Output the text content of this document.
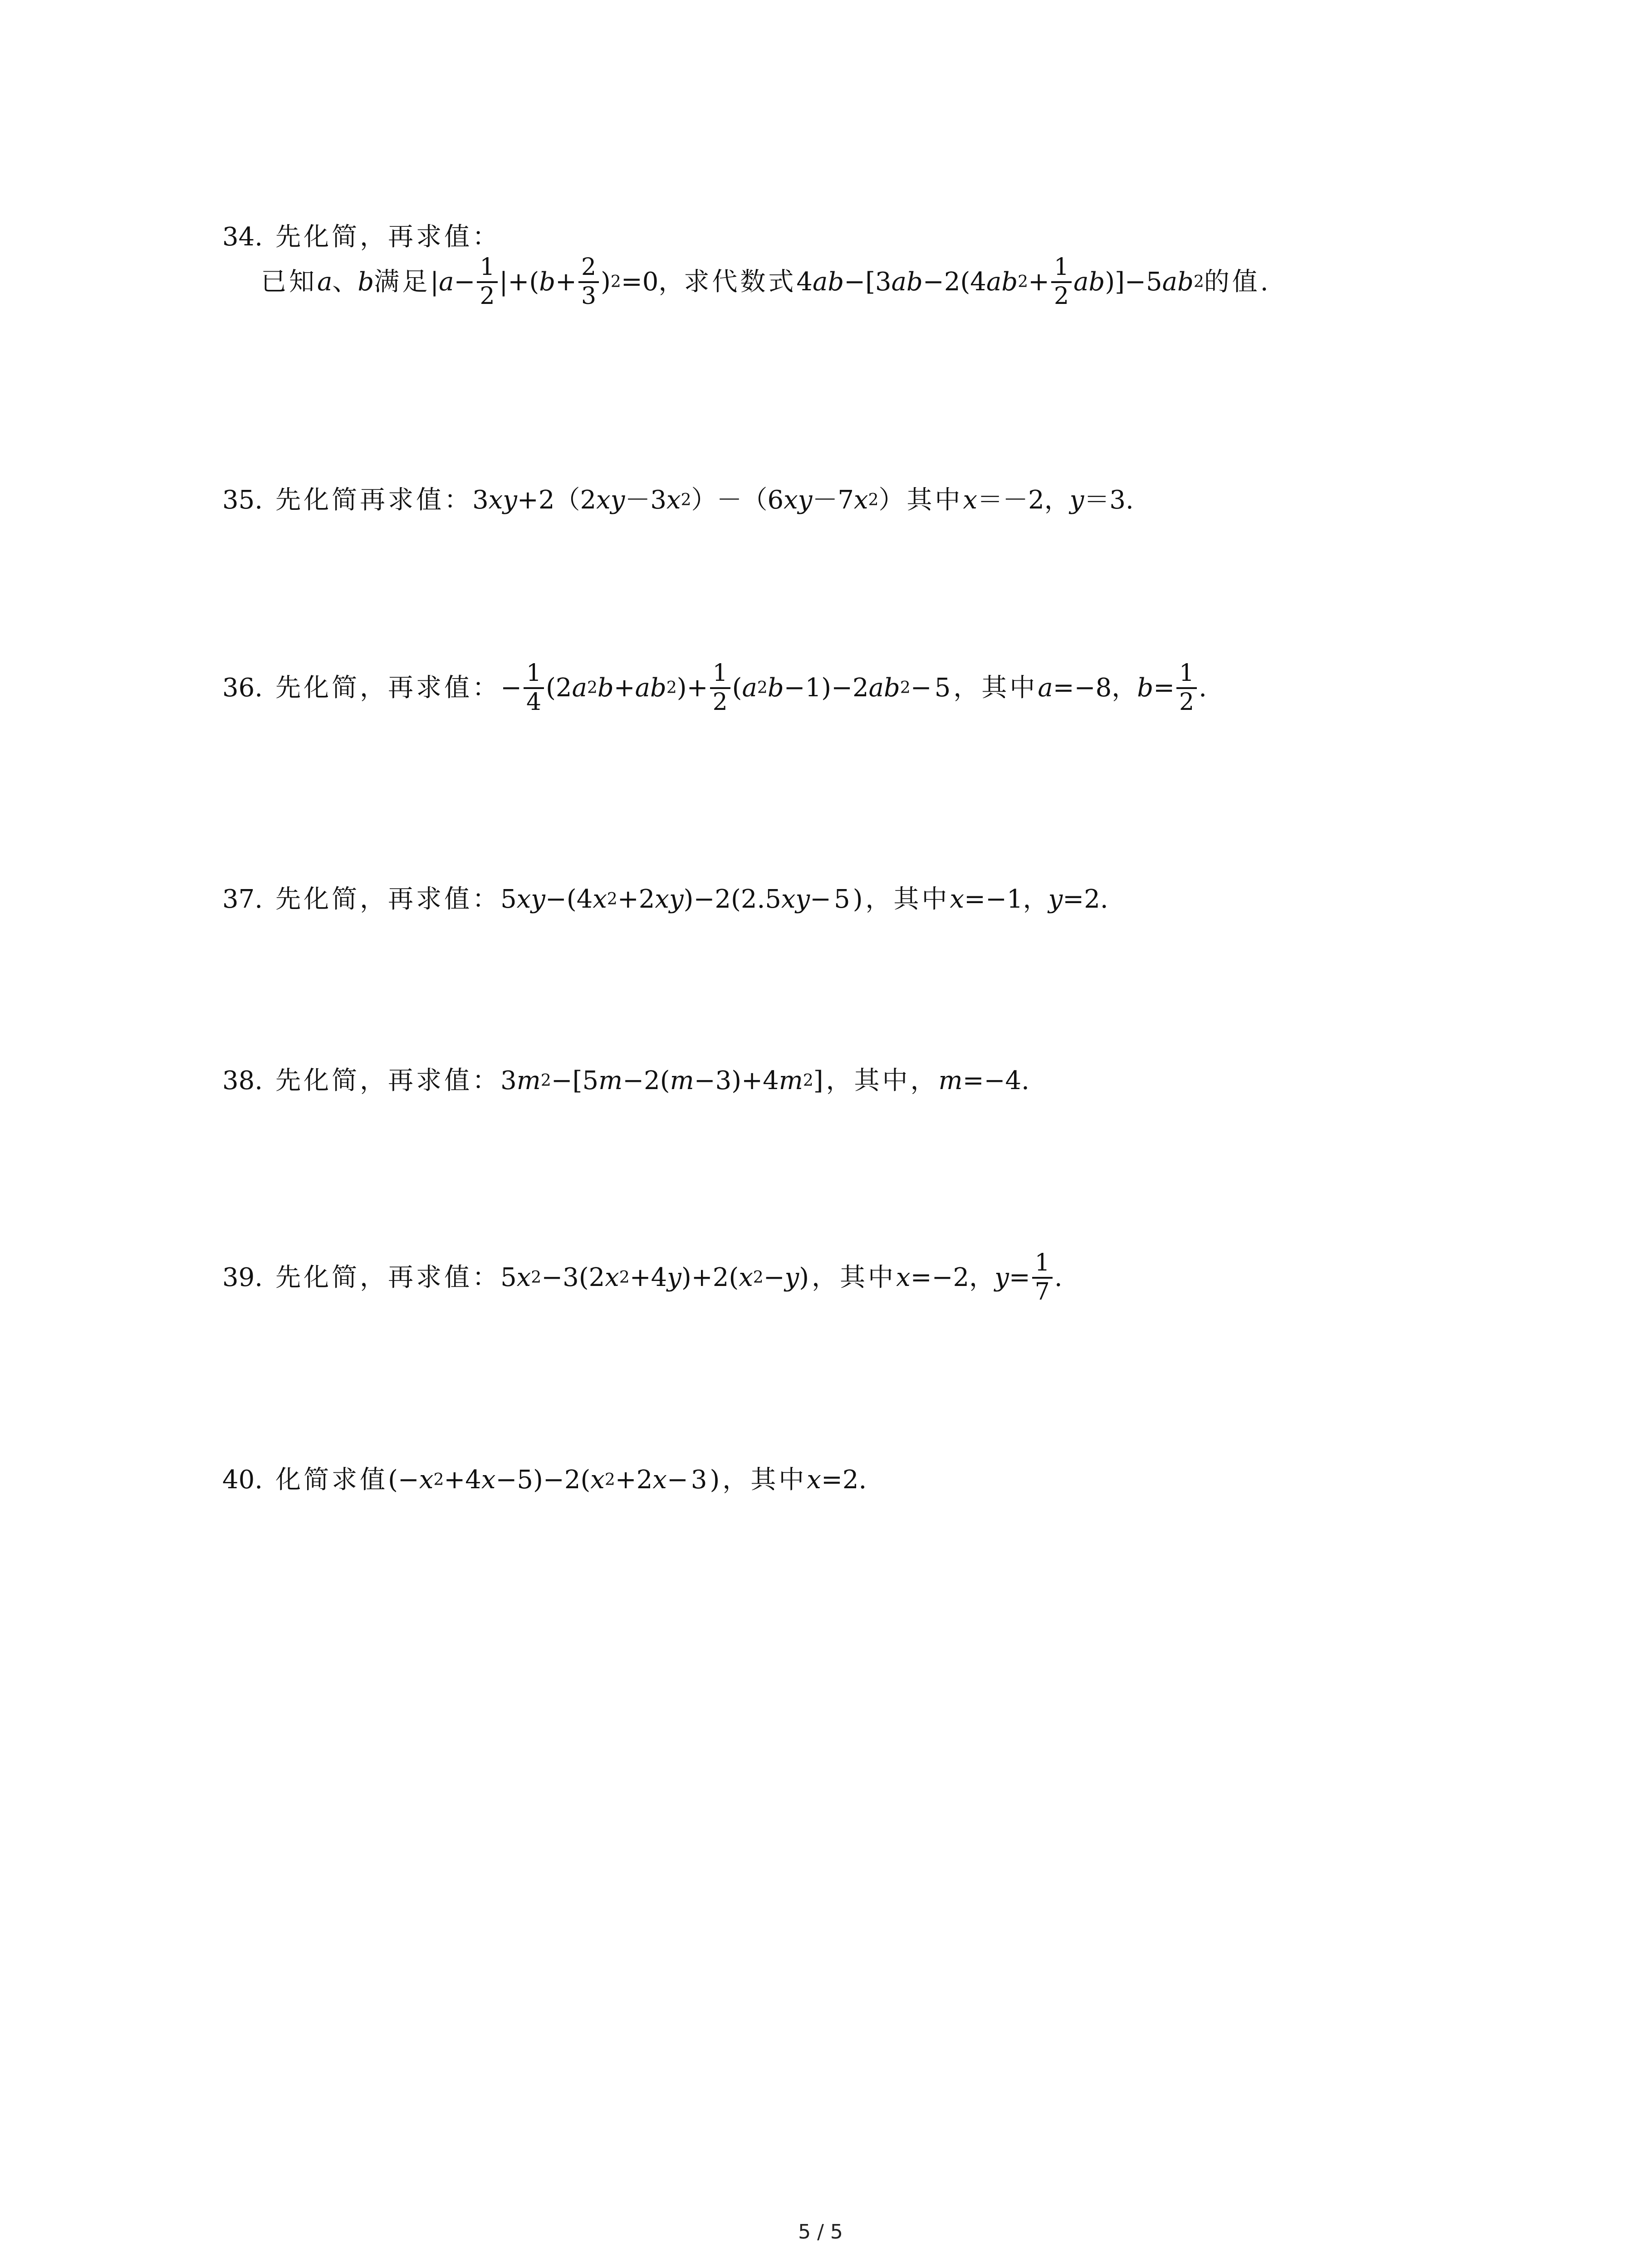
34. 先化简，再求值：
已知 a 、 b 满足 | $a - \frac{1}{2}$ | + ( $b + \frac{2}{3}$ ) 2 =0， 求代数式 4 ab −[3 ab −2(4 ab $2 + \frac{1}{2}$ ab )]−5 ab 2 的值.
35. 先化简再求值： 3 xy +2（2 xy －3 x 2 ）－（6 xy －7 x 2 ）其中 x ＝－2， y ＝3.
36. 先化简，再求值： − $\frac{1}{4} (2$ a 2 b + ab 2 )+ $\frac{1}{2}$ ( a 2 b −1)−2 ab 2 −5，其中 a =−8， $b = \frac{1}{2}$ .
37. 先化简，再求值： 5 xy −(4 x 2 +2 xy )−2(2.5 xy −5)，其中 x =−1， y =2.
38. 先化简，再求值： 3 m 2 −[5 m −2( m −3)+4 m 2 ]，其中， m =−4.
39. 先化简，再求值： 5 x 2 −3(2 x 2 +4 y )+2( x 2 − y )，其中 x =−2， $y = \frac{1}{7}$ .
40. 化简求值 (− x 2 +4 x −5)−2( x 2 +2 x −3)，其中 x =2.
5 / 5
